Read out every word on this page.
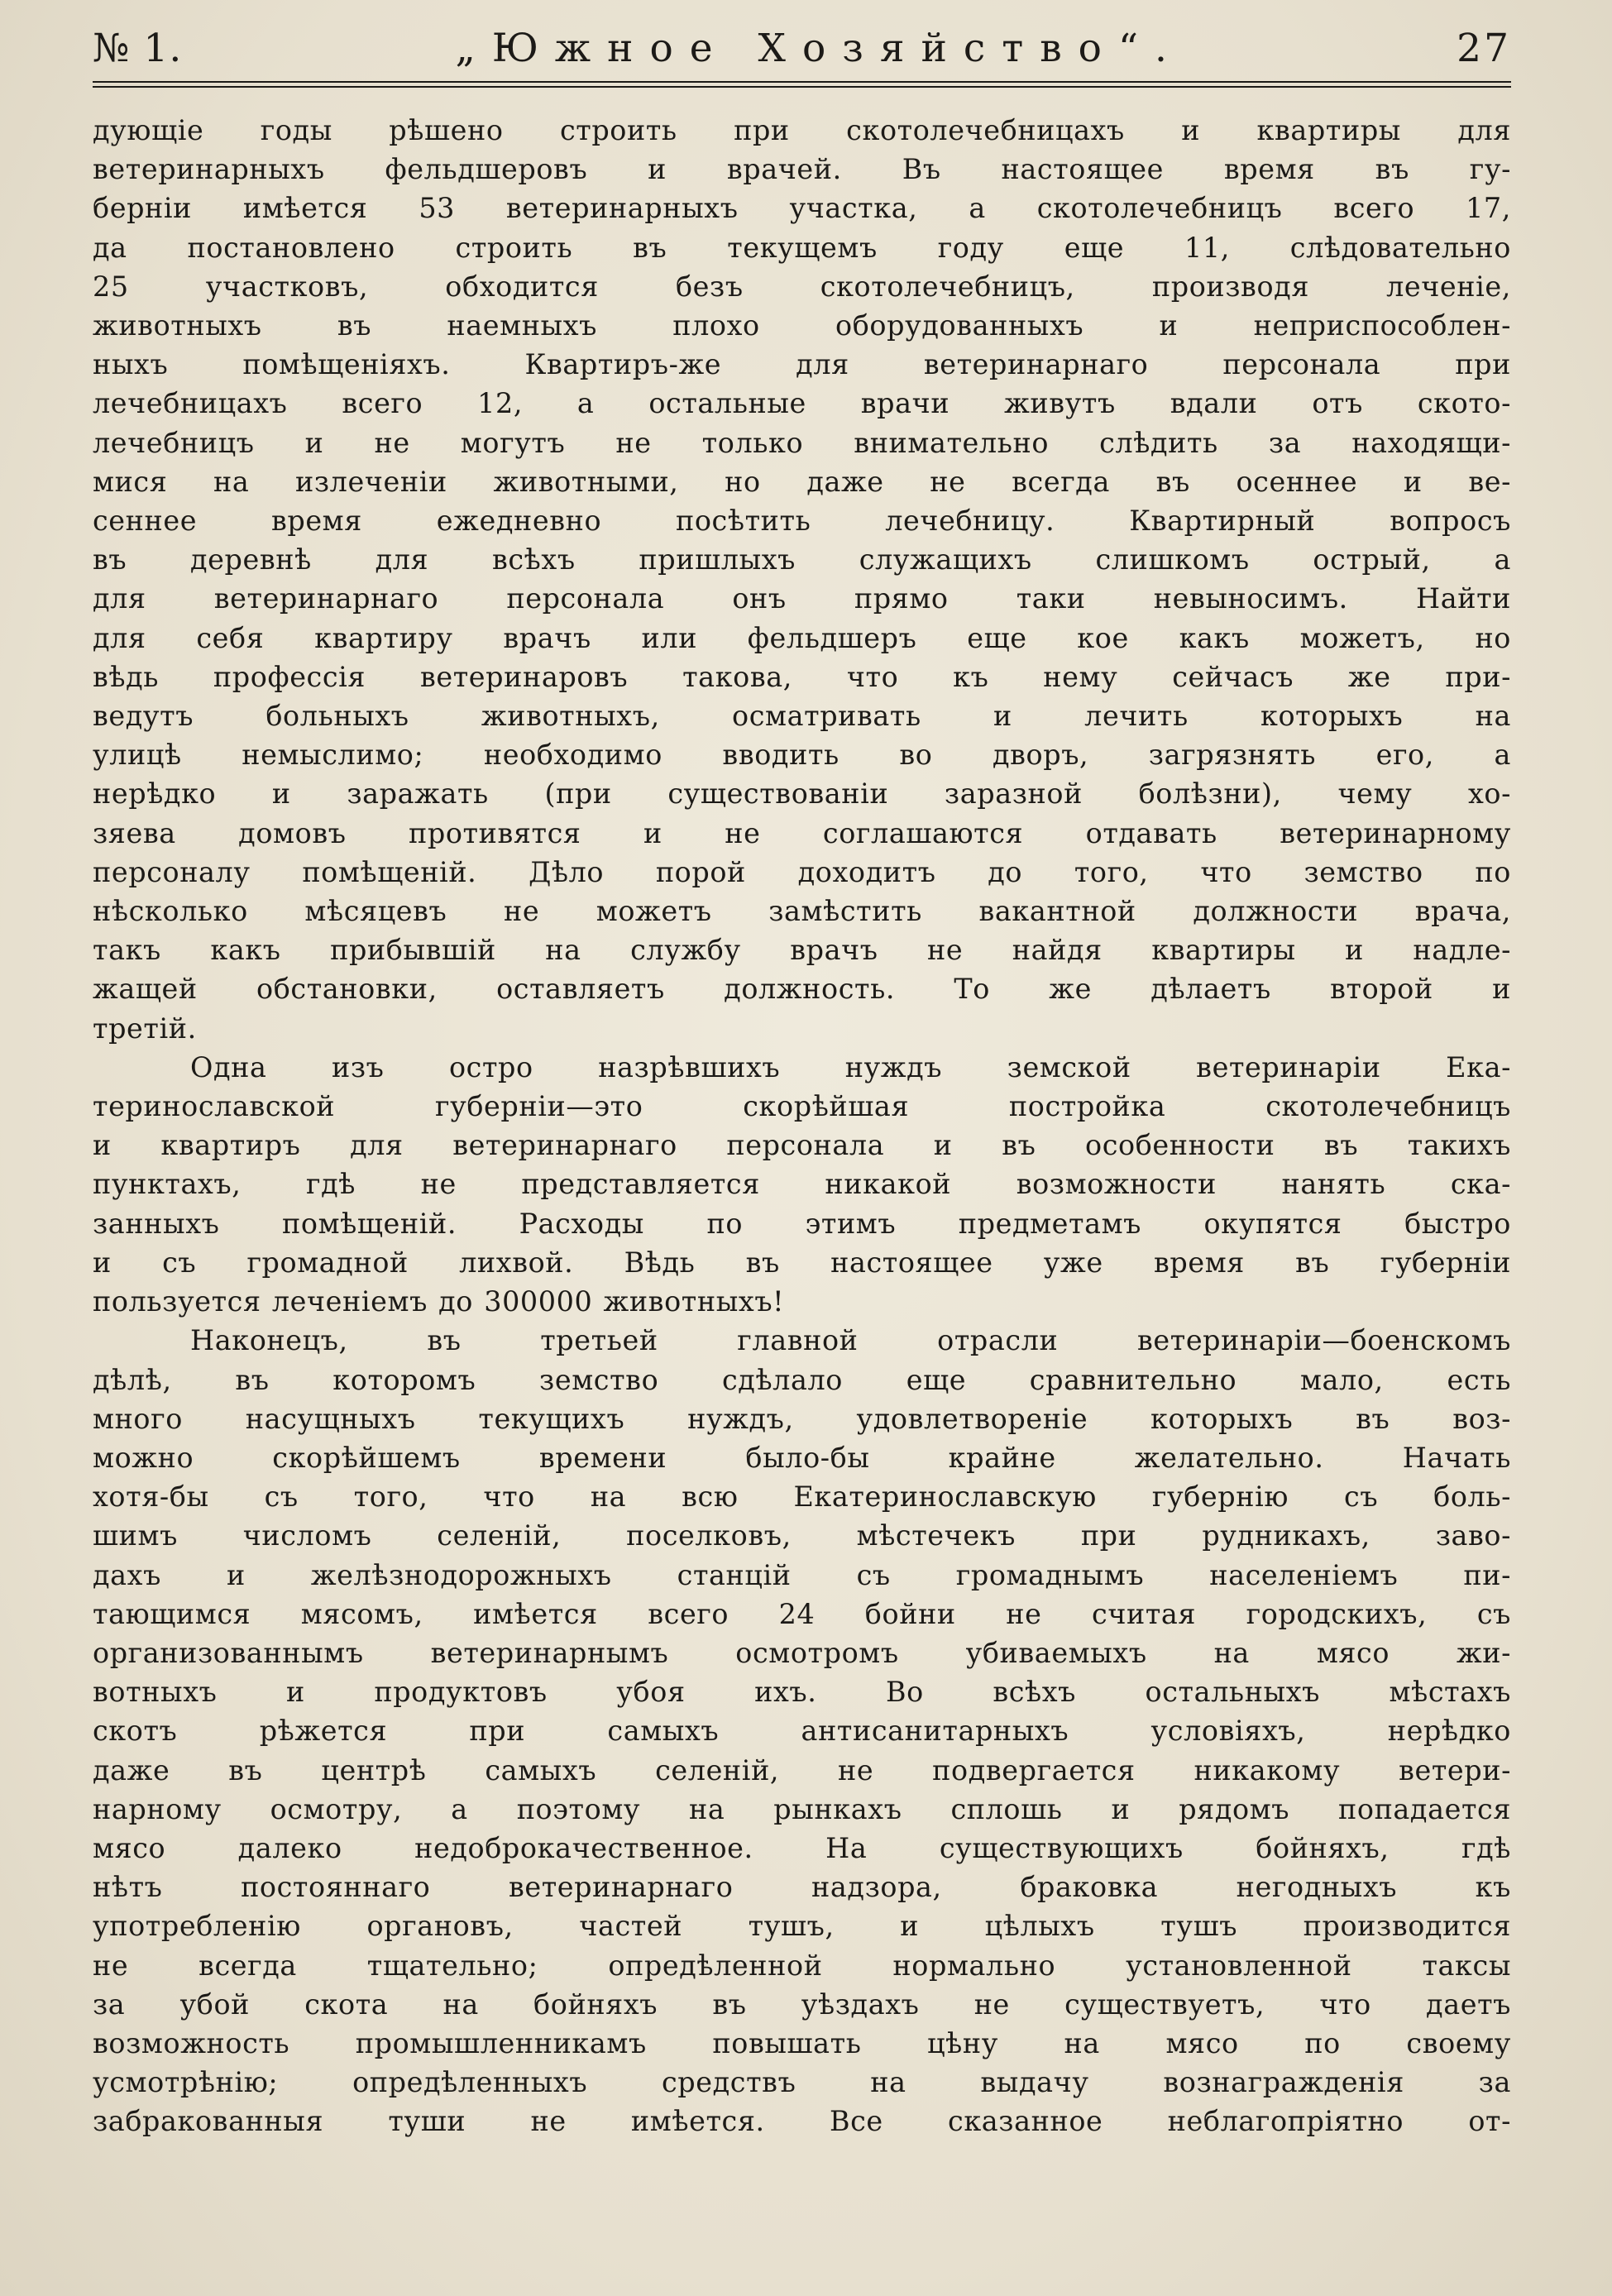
№ 1.	„Южное Хозяйство“.	27

дующіе годы рѣшено строить при скотолечебницахъ и квартиры для

ветеринарныхъ фельдшеровъ и врачей. Въ настоящее время въ гу-

берніи имѣется 53 ветеринарныхъ участка, а скотолечебницъ всего 17,

да постановлено строить въ текущемъ году еще 11, слѣдовательно

25 участковъ, обходится безъ скотолечебницъ, производя леченіе,

животныхъ въ наемныхъ плохо оборудованныхъ и неприспособлен-

ныхъ помѣщеніяхъ. Квартиръ-же для ветеринарнаго персонала при

лечебницахъ всего 12, а остальные врачи живутъ вдали отъ ското-

лечебницъ и не могутъ не только внимательно слѣдить за находящи-

мися на излеченіи животными, но даже не всегда въ осеннее и ве-

сеннее время ежедневно посѣтить лечебницу. Квартирный вопросъ

въ деревнѣ для всѣхъ пришлыхъ служащихъ слишкомъ острый, а

для ветеринарнаго персонала онъ прямо таки невыносимъ. Найти

для себя квартиру врачъ или фельдшеръ еще кое какъ можетъ, но

вѣдь профессія ветеринаровъ такова, что къ нему сейчасъ же при-

ведутъ больныхъ животныхъ, осматривать и лечить которыхъ на

улицѣ немыслимо; необходимо вводить во дворъ, загрязнять его, а

нерѣдко и заражать (при существованіи заразной болѣзни), чему хо-

зяева домовъ противятся и не соглашаются отдавать ветеринарному

персоналу помѣщеній. Дѣло порой доходитъ до того, что земство по

нѣсколько мѣсяцевъ не можетъ замѣстить вакантной должности врача,

такъ какъ прибывшій на службу врачъ не найдя квартиры и надле-

жащей обстановки, оставляетъ должность. То же дѣлаетъ второй и

третій.

Одна изъ остро назрѣвшихъ нуждъ земской ветеринаріи Ека-

теринославской губерніи—это скорѣйшая постройка скотолечебницъ

и квартиръ для ветеринарнаго персонала и въ особенности въ такихъ

пунктахъ, гдѣ не представляется никакой возможности нанять ска-

занныхъ помѣщеній. Расходы по этимъ предметамъ окупятся быстро

и съ громадной лихвой. Вѣдь въ настоящее уже время въ губерніи

пользуется леченіемъ до 300000 животныхъ!

Наконецъ, въ третьей главной отрасли ветеринаріи—боенскомъ

дѣлѣ, въ которомъ земство сдѣлало еще сравнительно мало, есть

много насущныхъ текущихъ нуждъ, удовлетвореніе которыхъ въ воз-

можно скорѣйшемъ времени было-бы крайне желательно. Начать

хотя-бы съ того, что на всю Екатеринославскую губернію съ боль-

шимъ числомъ селеній, поселковъ, мѣстечекъ при рудникахъ, заво-

дахъ и желѣзнодорожныхъ станцій съ громаднымъ населеніемъ пи-

тающимся мясомъ, имѣется всего 24 бойни не считая городскихъ, съ

организованнымъ ветеринарнымъ осмотромъ убиваемыхъ на мясо жи-

вотныхъ и продуктовъ убоя ихъ. Во всѣхъ остальныхъ мѣстахъ

скотъ рѣжется при самыхъ антисанитарныхъ условіяхъ, нерѣдко

даже въ центрѣ самыхъ селеній, не подвергается никакому ветери-

нарному осмотру, а поэтому на рынкахъ сплошь и рядомъ попадается

мясо далеко недоброкачественное. На существующихъ бойняхъ, гдѣ

нѣтъ постояннаго ветеринарнаго надзора, браковка негодныхъ къ

употребленію органовъ, частей тушъ, и цѣлыхъ тушъ производится

не всегда тщательно; опредѣленной нормально установленной таксы

за убой скота на бойняхъ въ уѣздахъ не существуетъ, что даетъ

возможность промышленникамъ повышать цѣну на мясо по своему

усмотрѣнію; опредѣленныхъ средствъ на выдачу вознагражденія за

забракованныя туши не имѣется. Все сказанное неблагопріятно от-
